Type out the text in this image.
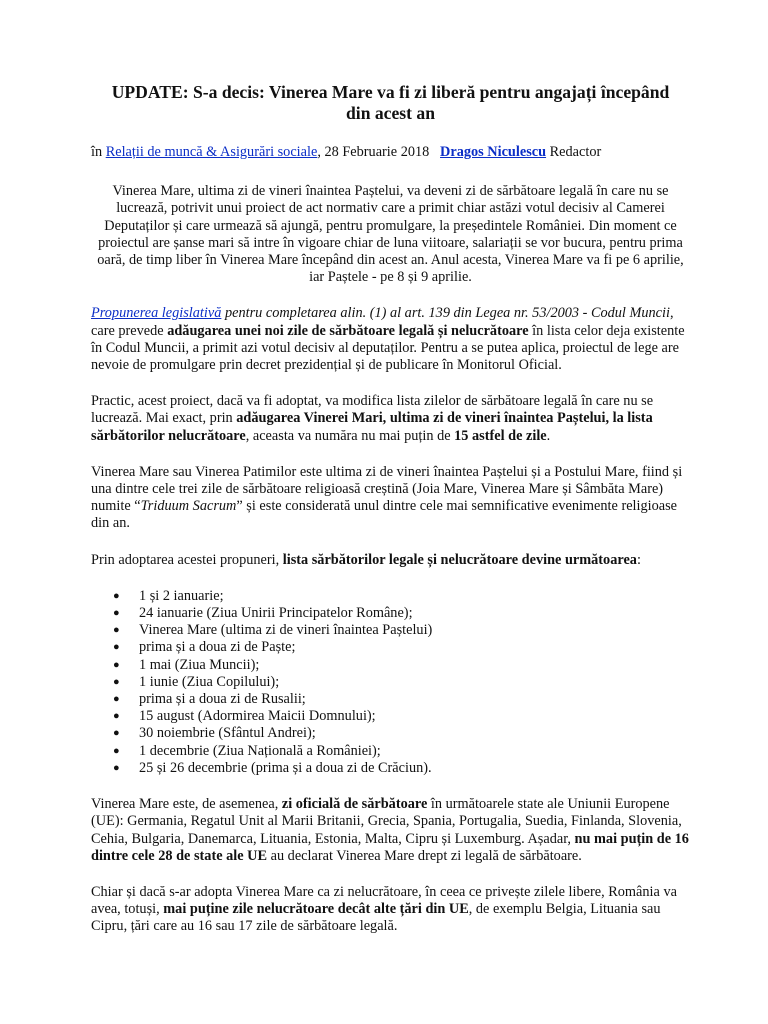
UPDATE: S-a decis: Vinerea Mare va fi zi liberă pentru angajați începând din acest an
în Relații de muncă & Asigurări sociale, 28 Februarie 2018 Dragos Niculescu Redactor

Vinerea Mare, ultima zi de vineri înaintea Paștelui, va deveni zi de sărbătoare legală în care nu se lucrează, potrivit unui proiect de act normativ care a primit chiar astăzi votul decisiv al Camerei Deputaților și care urmează să ajungă, pentru promulgare, la președintele României. Din moment ce proiectul are șanse mari să intre în vigoare chiar de luna viitoare, salariații se vor bucura, pentru prima oară, de timp liber în Vinerea Mare începând din acest an. Anul acesta, Vinerea Mare va fi pe 6 aprilie, iar Paștele - pe 8 și 9 aprilie.

Propunerea legislativă pentru completarea alin. (1) al art. 139 din Legea nr. 53/2003 - Codul Muncii, care prevede adăugarea unei noi zile de sărbătoare legală și nelucrătoare în lista celor deja existente în Codul Muncii, a primit azi votul decisiv al deputaților. Pentru a se putea aplica, proiectul de lege are nevoie de promulgare prin decret prezidențial și de publicare în Monitorul Oficial.

Practic, acest proiect, dacă va fi adoptat, va modifica lista zilelor de sărbătoare legală în care nu se lucrează. Mai exact, prin adăugarea Vinerei Mari, ultima zi de vineri înaintea Paștelui, la lista sărbătorilor nelucrătoare, aceasta va număra nu mai puțin de 15 astfel de zile.

Vinerea Mare sau Vinerea Patimilor este ultima zi de vineri înaintea Paștelui și a Postului Mare, fiind și una dintre cele trei zile de sărbătoare religioasă creștină (Joia Mare, Vinerea Mare și Sâmbăta Mare) numite “Triduum Sacrum” și este considerată unul dintre cele mai semnificative evenimente religioase din an.

Prin adoptarea acestei propuneri, lista sărbătorilor legale și nelucrătoare devine următoarea:

● 1 și 2 ianuarie;
● 24 ianuarie (Ziua Unirii Principatelor Române);
● Vinerea Mare (ultima zi de vineri înaintea Paștelui)
● prima și a doua zi de Paște;
● 1 mai (Ziua Muncii);
● 1 iunie (Ziua Copilului);
● prima și a doua zi de Rusalii;
● 15 august (Adormirea Maicii Domnului);
● 30 noiembrie (Sfântul Andrei);
● 1 decembrie (Ziua Națională a României);
● 25 și 26 decembrie (prima și a doua zi de Crăciun).

Vinerea Mare este, de asemenea, zi oficială de sărbătoare în următoarele state ale Uniunii Europene (UE): Germania, Regatul Unit al Marii Britanii, Grecia, Spania, Portugalia, Suedia, Finlanda, Slovenia, Cehia, Bulgaria, Danemarca, Lituania, Estonia, Malta, Cipru și Luxemburg. Așadar, nu mai puțin de 16 dintre cele 28 de state ale UE au declarat Vinerea Mare drept zi legală de sărbătoare.

Chiar și dacă s-ar adopta Vinerea Mare ca zi nelucrătoare, în ceea ce privește zilele libere, România va avea, totuși, mai puține zile nelucrătoare decât alte țări din UE, de exemplu Belgia, Lituania sau Cipru, țări care au 16 sau 17 zile de sărbătoare legală.
